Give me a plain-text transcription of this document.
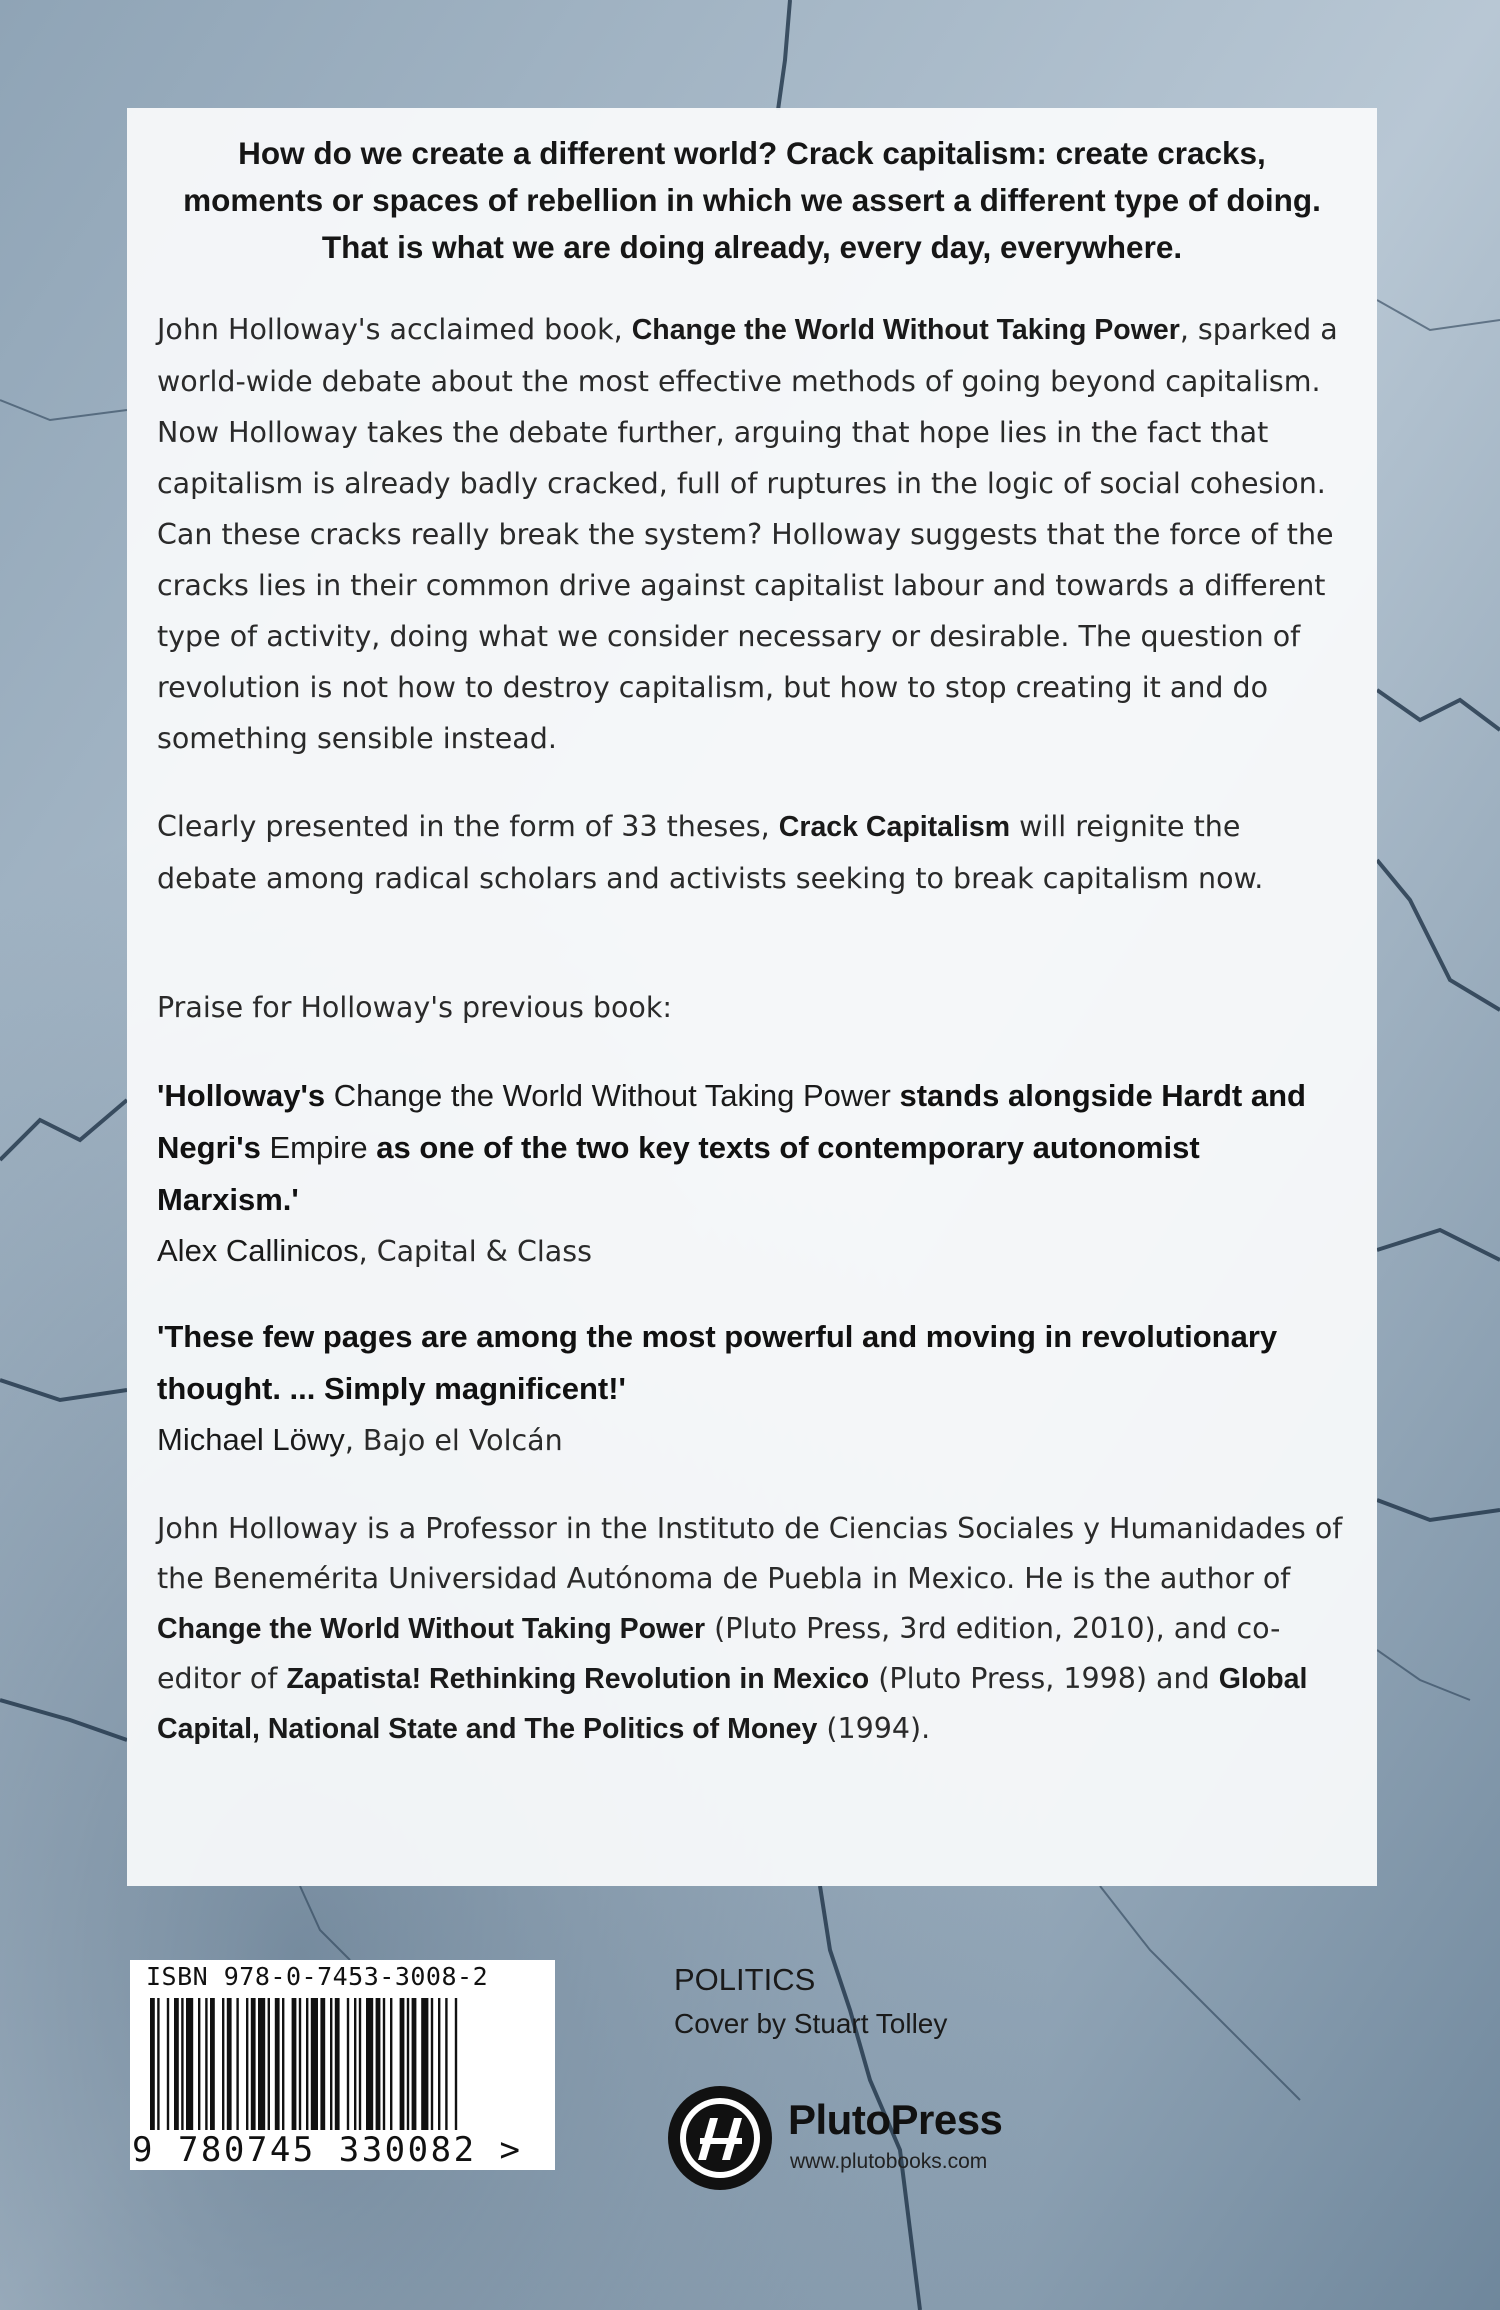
How do we create a different world? Crack capitalism: create cracks, moments or spaces of rebellion in which we assert a different type of doing. That is what we are doing already, every day, everywhere.

John Holloway's acclaimed book, Change the World Without Taking Power, sparked a world-wide debate about the most effective methods of going beyond capitalism. Now Holloway takes the debate further, arguing that hope lies in the fact that capitalism is already badly cracked, full of ruptures in the logic of social cohesion. Can these cracks really break the system? Holloway suggests that the force of the cracks lies in their common drive against capitalist labour and towards a different type of activity, doing what we consider necessary or desirable. The question of revolution is not how to destroy capitalism, but how to stop creating it and do something sensible instead.

Clearly presented in the form of 33 theses, Crack Capitalism will reignite the debate among radical scholars and activists seeking to break capitalism now.

Praise for Holloway's previous book:

'Holloway's Change the World Without Taking Power stands alongside Hardt and Negri's Empire as one of the two key texts of contemporary autonomist Marxism.'

Alex Callinicos, Capital & Class

'These few pages are among the most powerful and moving in revolutionary thought. ... Simply magnificent!'

Michael Löwy, Bajo el Volcán

John Holloway is a Professor in the Instituto de Ciencias Sociales y Humanidades of the Benemérita Universidad Autónoma de Puebla in Mexico. He is the author of Change the World Without Taking Power (Pluto Press, 3rd edition, 2010), and co-editor of Zapatista! Rethinking Revolution in Mexico (Pluto Press, 1998) and Global Capital, National State and The Politics of Money (1994).

ISBN 978-0-7453-3008-2
9 780745 330082 >
POLITICS
Cover by Stuart Tolley
PlutoPress
www.plutobooks.com
